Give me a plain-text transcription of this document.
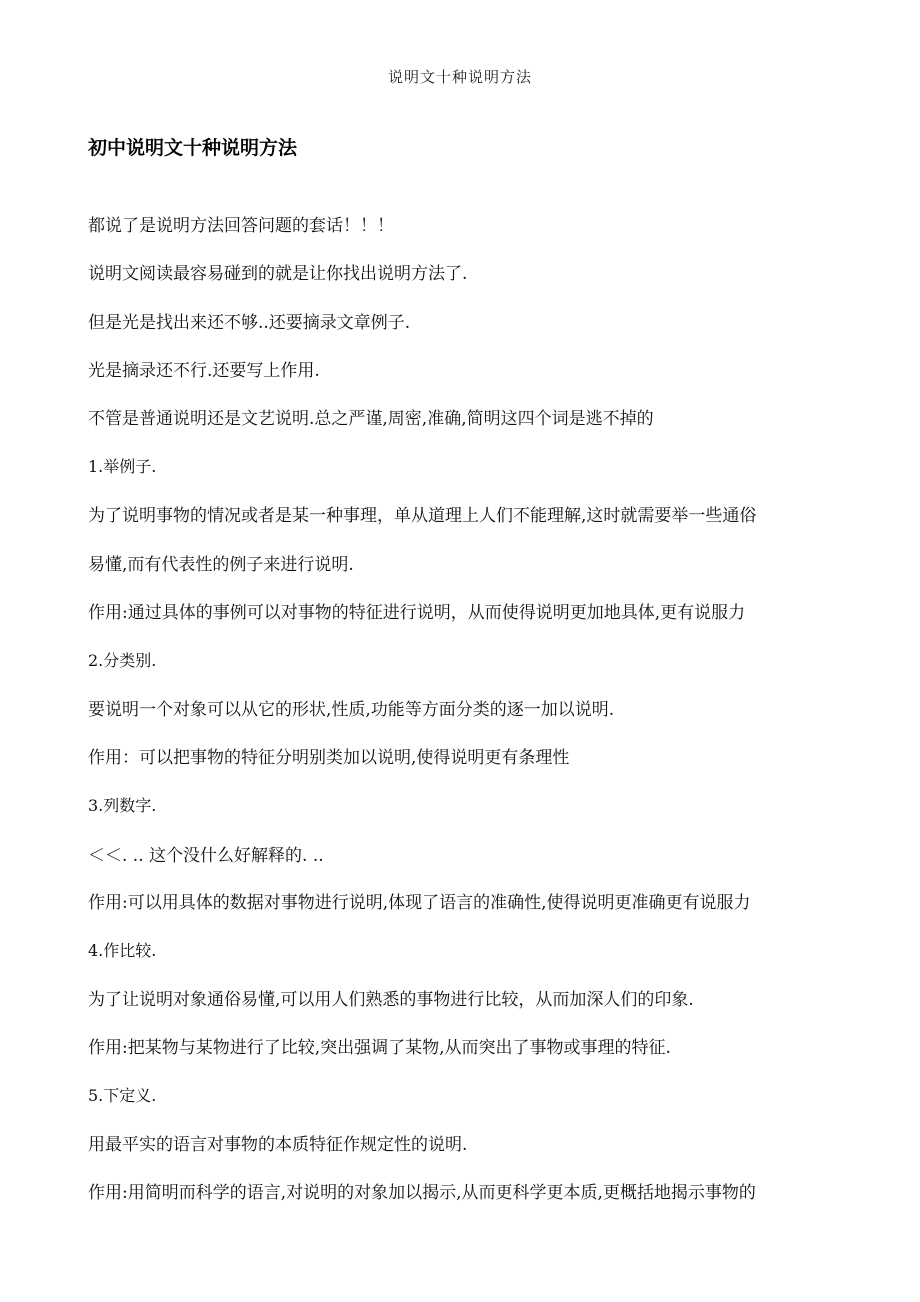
说明文十种说明方法
初中说明文十种说明方法
都说了是说明方法回答问题的套话！！！
说明文阅读最容易碰到的就是让你找出说明方法了.
但是光是找出来还不够..还要摘录文章例子.
光是摘录还不行.还要写上作用.
不管是普通说明还是文艺说明.总之严谨,周密,准确,简明这四个词是逃不掉的
1.举例子.
为了说明事物的情况或者是某一种事理，单从道理上人们不能理解,这时就需要举一些通俗
易懂,而有代表性的例子来进行说明.
作用:通过具体的事例可以对事物的特征进行说明，从而使得说明更加地具体,更有说服力
2.分类别.
要说明一个对象可以从它的形状,性质,功能等方面分类的逐一加以说明.
作用：可以把事物的特征分明别类加以说明,使得说明更有条理性
3.列数字.
＜＜. .. 这个没什么好解释的. ..
作用:可以用具体的数据对事物进行说明,体现了语言的准确性,使得说明更准确更有说服力
4.作比较.
为了让说明对象通俗易懂,可以用人们熟悉的事物进行比较，从而加深人们的印象.
作用:把某物与某物进行了比较,突出强调了某物,从而突出了事物或事理的特征.
5.下定义.
用最平实的语言对事物的本质特征作规定性的说明.
作用:用简明而科学的语言,对说明的对象加以揭示,从而更科学更本质,更概括地揭示事物的
